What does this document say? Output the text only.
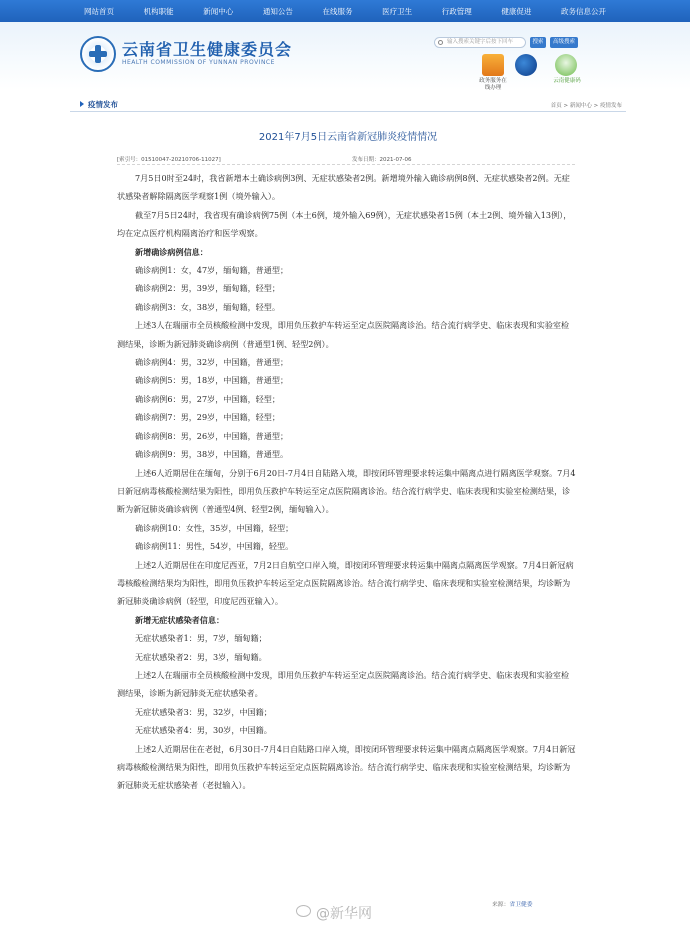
网站首页	机构职能	新闻中心	通知公告	在线服务	医疗卫生	行政管理	健康促进	政务信息公开
云南省卫生健康委员会
HEALTH COMMISSION OF YUNNAN PROVINCE
输入搜索关键字后按下回车	搜索	高级搜索
政务服务在线办理
云南健康码
疫情发布	首页 > 新闻中心 > 疫情发布
2021年7月5日云南省新冠肺炎疫情情况
[索引号：01510047-20210706-11027]	发布日期：2021-07-06

7月5日0时至24时，我省新增本土确诊病例3例、无症状感染者2例。新增境外输入确诊病例8例、无症状感染者2例。无症状感染者解除隔离医学观察1例（境外输入）。

截至7月5日24时，我省现有确诊病例75例（本土6例，境外输入69例），无症状感染者15例（本土2例、境外输入13例），均在定点医疗机构隔离治疗和医学观察。

新增确诊病例信息：

确诊病例1：女，47岁，缅甸籍，普通型；

确诊病例2：男，39岁，缅甸籍，轻型；

确诊病例3：女，38岁，缅甸籍，轻型。

上述3人在瑞丽市全员核酸检测中发现，即用负压救护车转运至定点医院隔离诊治。结合流行病学史、临床表现和实验室检测结果，诊断为新冠肺炎确诊病例（普通型1例、轻型2例）。

确诊病例4：男，32岁，中国籍，普通型；

确诊病例5：男，18岁，中国籍，普通型；

确诊病例6：男，27岁，中国籍，轻型；

确诊病例7：男，29岁，中国籍，轻型；

确诊病例8：男，26岁，中国籍，普通型；

确诊病例9：男，38岁，中国籍，普通型。

上述6人近期居住在缅甸，分别于6月20日-7月4日自陆路入境，即按闭环管理要求转运集中隔离点进行隔离医学观察。7月4日新冠病毒核酸检测结果为阳性，即用负压救护车转运至定点医院隔离诊治。结合流行病学史、临床表现和实验室检测结果，诊断为新冠肺炎确诊病例（普通型4例、轻型2例，缅甸输入）。

确诊病例10：女性，35岁，中国籍，轻型；

确诊病例11：男性，54岁，中国籍，轻型。

上述2人近期居住在印度尼西亚，7月2日自航空口岸入境，即按闭环管理要求转运集中隔离点隔离医学观察。7月4日新冠病毒核酸检测结果均为阳性，即用负压救护车转运至定点医院隔离诊治。结合流行病学史、临床表现和实验室检测结果，均诊断为新冠肺炎确诊病例（轻型，印度尼西亚输入）。

新增无症状感染者信息：

无症状感染者1：男，7岁，缅甸籍；

无症状感染者2：男，3岁，缅甸籍。

上述2人在瑞丽市全员核酸检测中发现，即用负压救护车转运至定点医院隔离诊治。结合流行病学史、临床表现和实验室检测结果，诊断为新冠肺炎无症状感染者。

无症状感染者3：男，32岁，中国籍；

无症状感染者4：男，30岁，中国籍。

上述2人近期居住在老挝，6月30日-7月4日自陆路口岸入境，即按闭环管理要求转运集中隔离点隔离医学观察。7月4日新冠病毒核酸检测结果为阳性，即用负压救护车转运至定点医院隔离诊治。结合流行病学史、临床表现和实验室检测结果，均诊断为新冠肺炎无症状感染者（老挝输入）。

@新华网
来源：省卫健委
